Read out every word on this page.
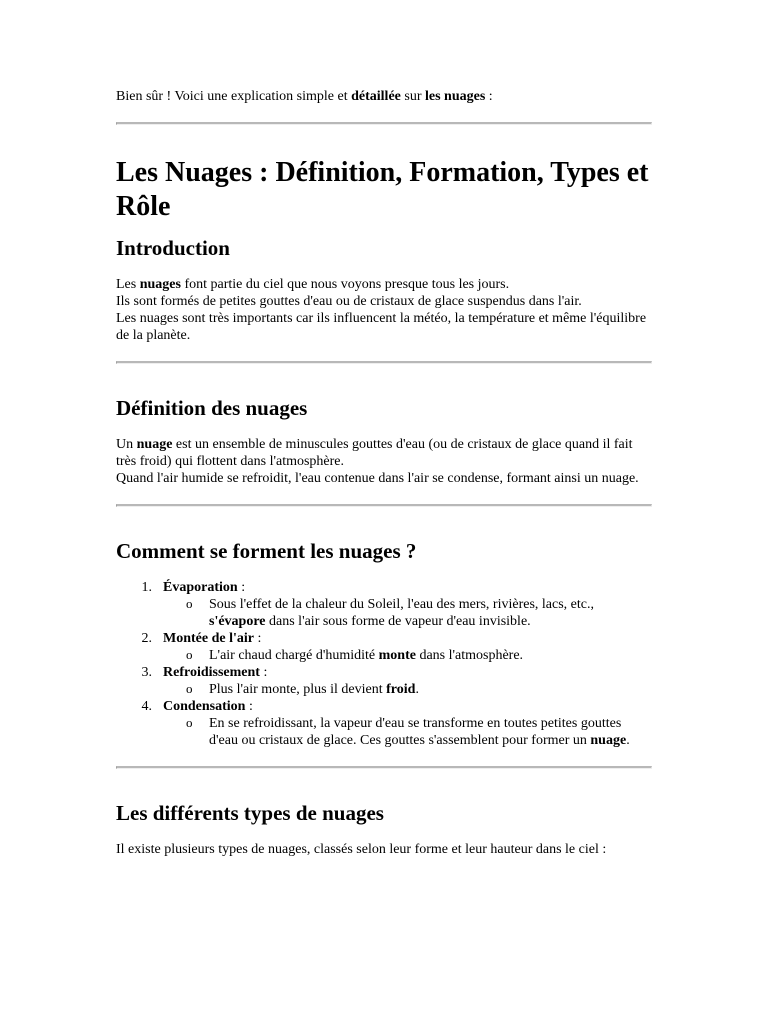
Bien sûr ! Voici une explication simple et détaillée sur les nuages :

Les Nuages : Définition, Formation, Types et Rôle
Introduction

Les nuages font partie du ciel que nous voyons presque tous les jours.
Ils sont formés de petites gouttes d'eau ou de cristaux de glace suspendus dans l'air.
Les nuages sont très importants car ils influencent la météo, la température et même l'équilibre de la planète.

Définition des nuages

Un nuage est un ensemble de minuscules gouttes d'eau (ou de cristaux de glace quand il fait très froid) qui flottent dans l'atmosphère.
Quand l'air humide se refroidit, l'eau contenue dans l'air se condense, formant ainsi un nuage.

Comment se forment les nuages ?
1. Évaporation :
o Sous l'effet de la chaleur du Soleil, l'eau des mers, rivières, lacs, etc., s'évapore dans l'air sous forme de vapeur d'eau invisible.
2. Montée de l'air :
o L'air chaud chargé d'humidité monte dans l'atmosphère.
3. Refroidissement :
o Plus l'air monte, plus il devient froid.
4. Condensation :
o En se refroidissant, la vapeur d'eau se transforme en toutes petites gouttes d'eau ou cristaux de glace. Ces gouttes s'assemblent pour former un nuage.
Les différents types de nuages

Il existe plusieurs types de nuages, classés selon leur forme et leur hauteur dans le ciel :
